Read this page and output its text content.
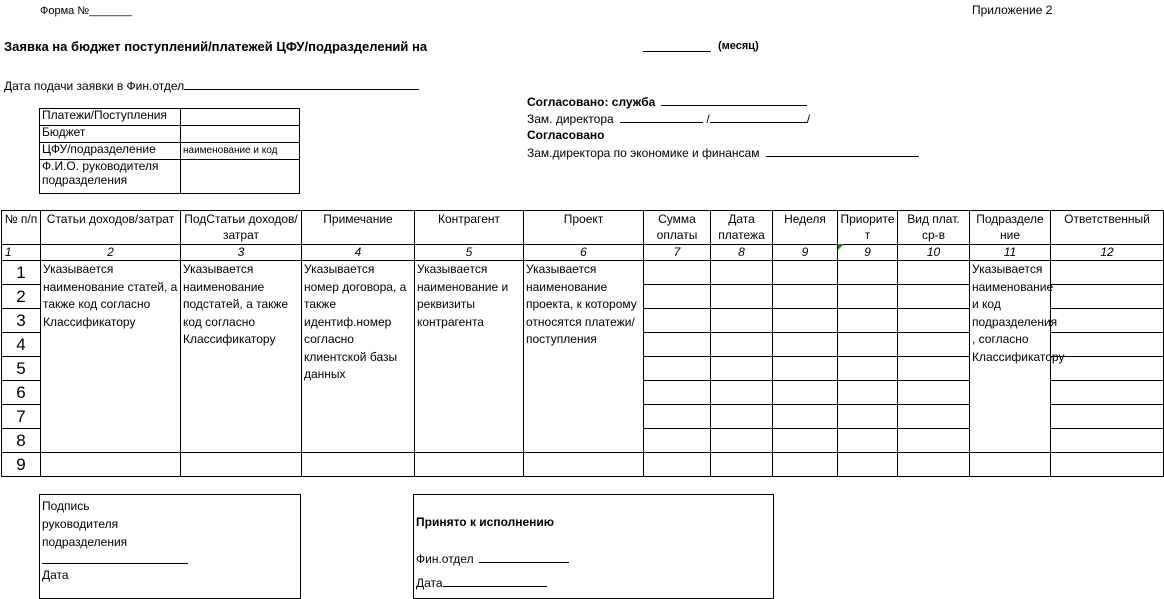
Форма №_______	Приложение 2
Заявка на бюджет поступлений/платежей ЦФУ/подразделений на	(месяц)
Дата подачи заявки в Фин.отдел
Согласовано: служба
Зам. директора	/	/
Согласовано
Зам.директора по экономике и финансам
Платежи/Поступления	
Бюджет	
ЦФУ/подразделение	наименование и код
Ф.И.О. руководителя подразделения	
№ п/п	Статьи доходов/затрат	ПодСтатьи доходов/ затрат	Примечание	Контрагент	Проект	Сумма оплаты	Дата платежа	Неделя	Приорите т	Вид плат. ср-в	Подразделе ние	Ответственный
1	2	3	4	5	6	7	8	9	9	10	11	12
1	Указывается наименование статей, а также код согласно Классификатору	Указывается наименование подстатей, а также код согласно Классификатору	Указывается номер договора, а также идентиф.номер согласно клиентской базы данных	Указывается наименование и реквизиты контрагента	Указывается наименование проекта, к которому относятся платежи/поступления						Указывается наименование и код подразделения , согласно Классификатору	
2												
3												
4												
5												
6												
7												
8												
9												
Подпись
руководителя
подразделения
Дата
Принято к исполнению
Фин.отдел
Дата
